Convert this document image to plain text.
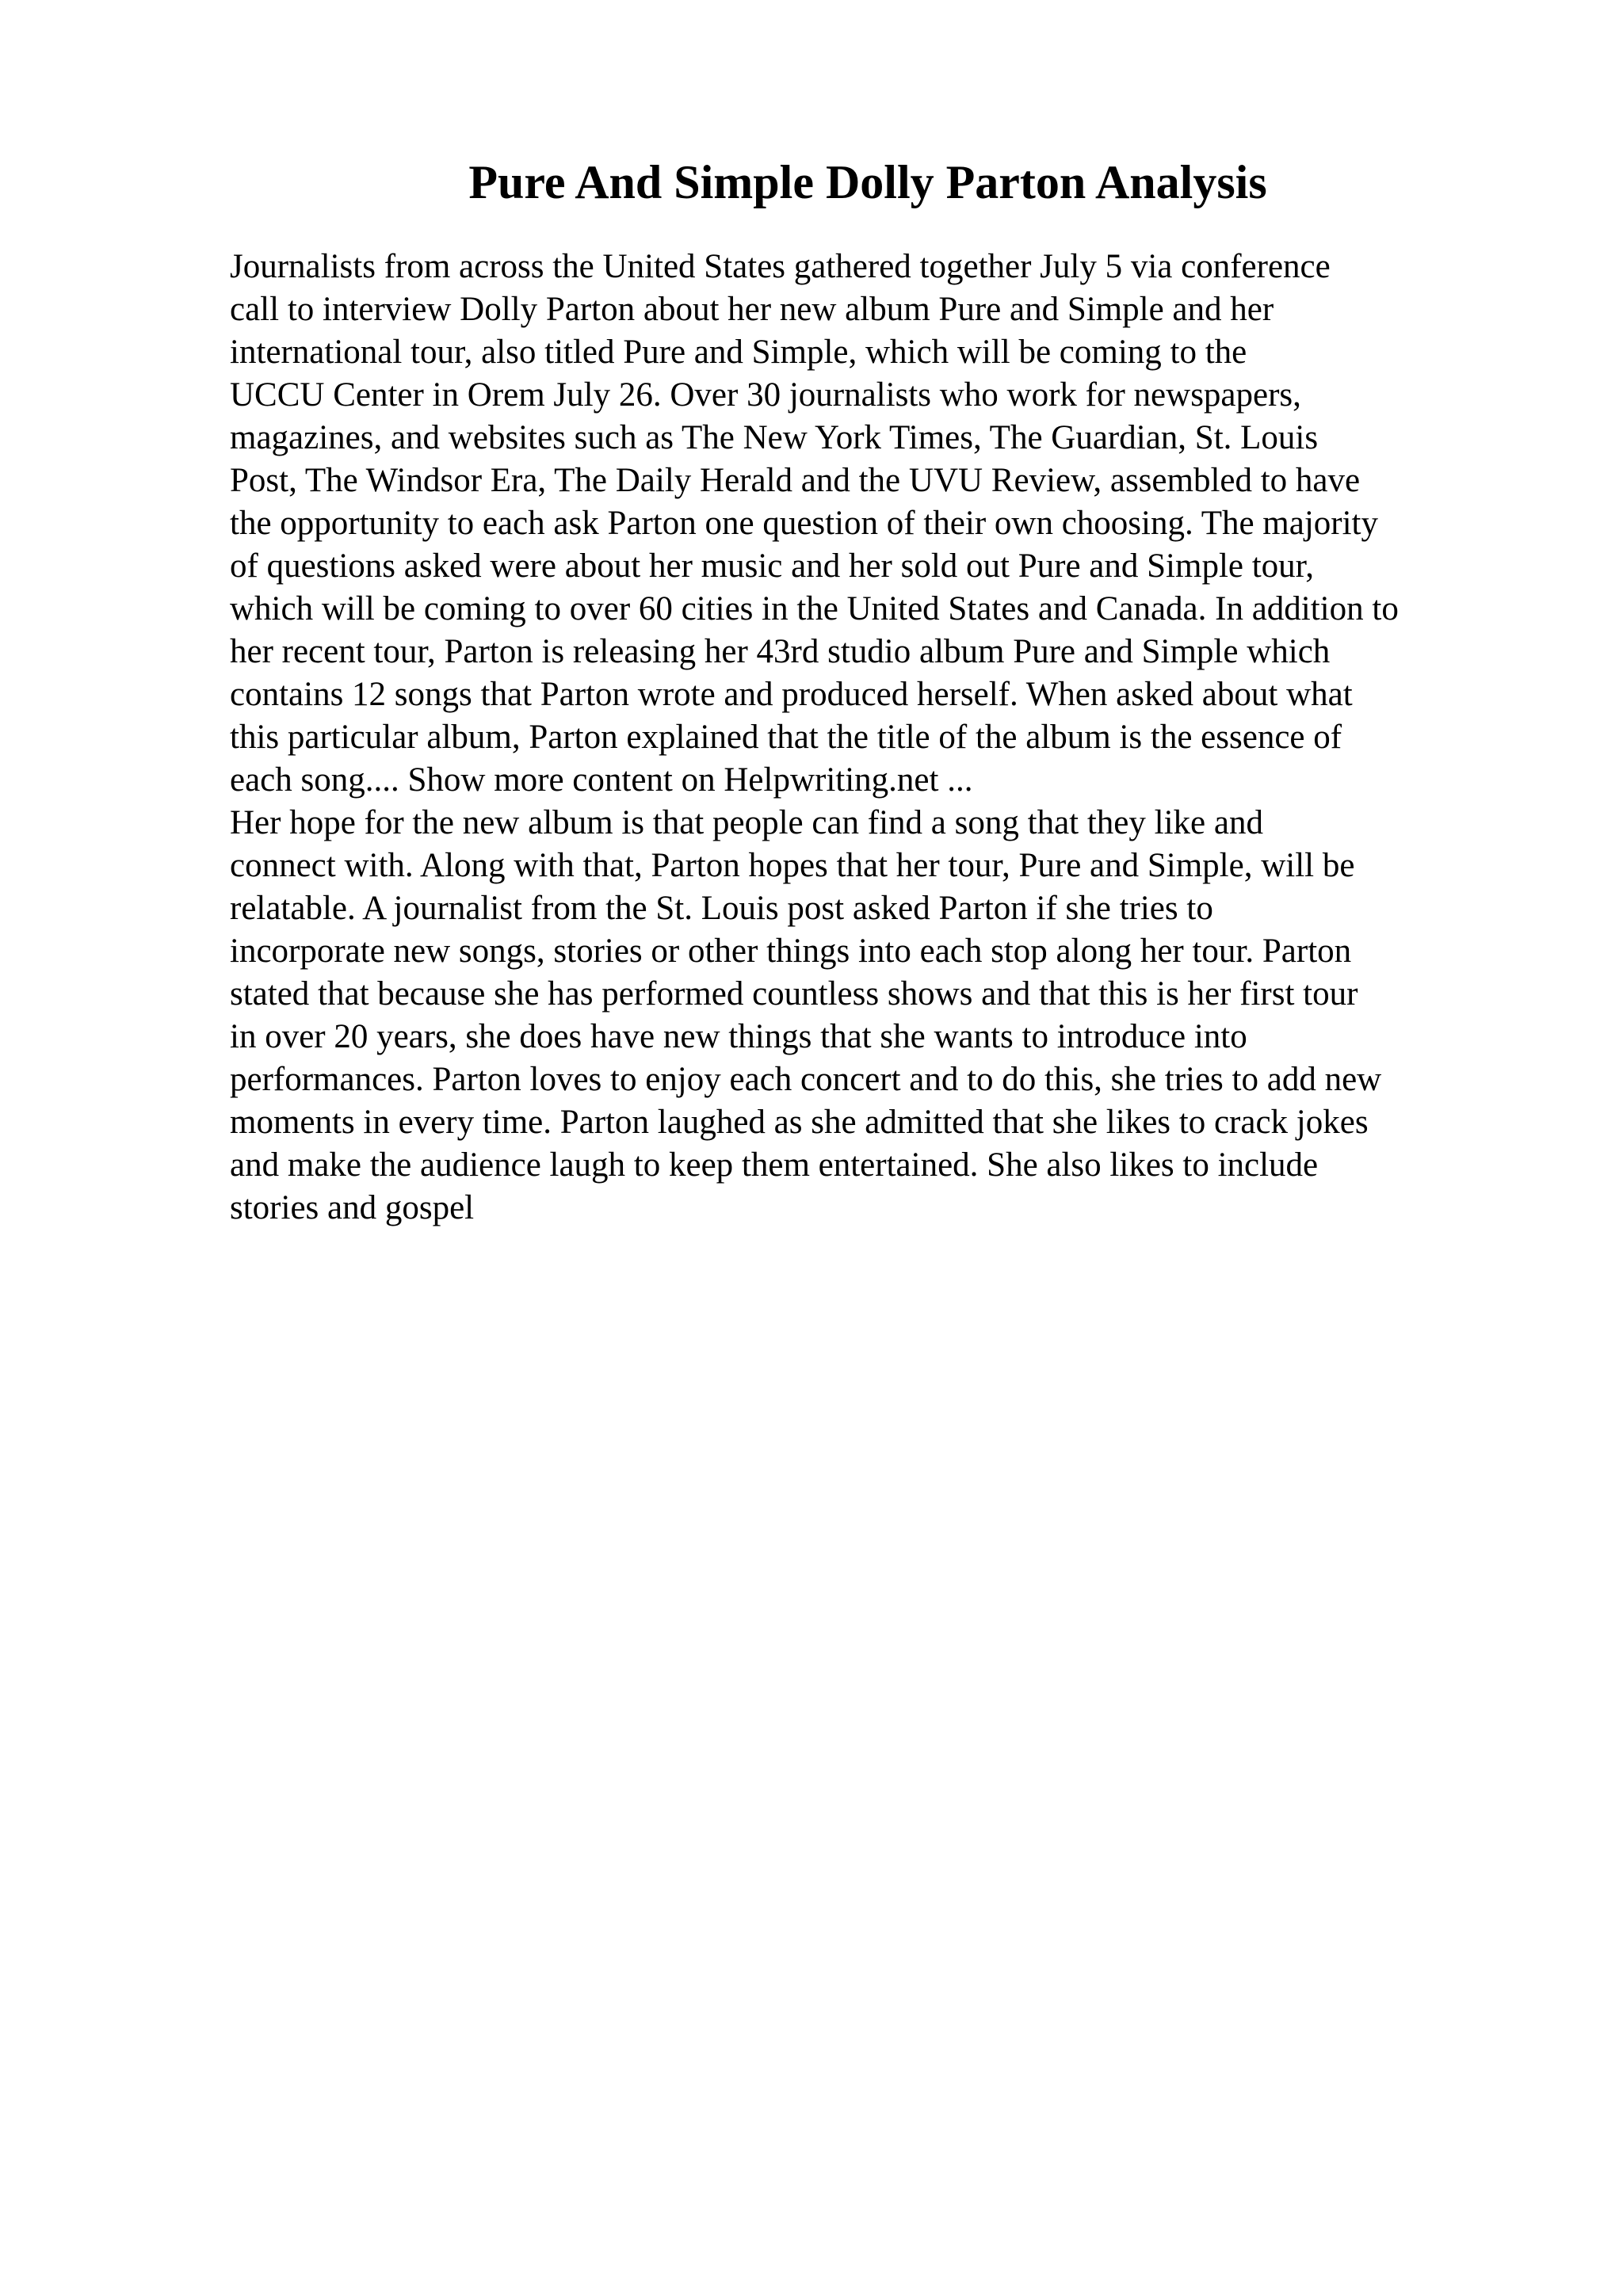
Pure And Simple Dolly Parton Analysis
Journalists from across the United States gathered together July 5 via conference
call to interview Dolly Parton about her new album Pure and Simple and her
international tour, also titled Pure and Simple, which will be coming to the
UCCU Center in Orem July 26. Over 30 journalists who work for newspapers,
magazines, and websites such as The New York Times, The Guardian, St. Louis
Post, The Windsor Era, The Daily Herald and the UVU Review, assembled to have
the opportunity to each ask Parton one question of their own choosing. The majority
of questions asked were about her music and her sold out Pure and Simple tour,
which will be coming to over 60 cities in the United States and Canada. In addition to
her recent tour, Parton is releasing her 43rd studio album Pure and Simple which
contains 12 songs that Parton wrote and produced herself. When asked about what
this particular album, Parton explained that the title of the album is the essence of
each song.... Show more content on Helpwriting.net ...
Her hope for the new album is that people can find a song that they like and
connect with. Along with that, Parton hopes that her tour, Pure and Simple, will be
relatable. A journalist from the St. Louis post asked Parton if she tries to
incorporate new songs, stories or other things into each stop along her tour. Parton
stated that because she has performed countless shows and that this is her first tour
in over 20 years, she does have new things that she wants to introduce into
performances. Parton loves to enjoy each concert and to do this, she tries to add new
moments in every time. Parton laughed as she admitted that she likes to crack jokes
and make the audience laugh to keep them entertained. She also likes to include
stories and gospel
